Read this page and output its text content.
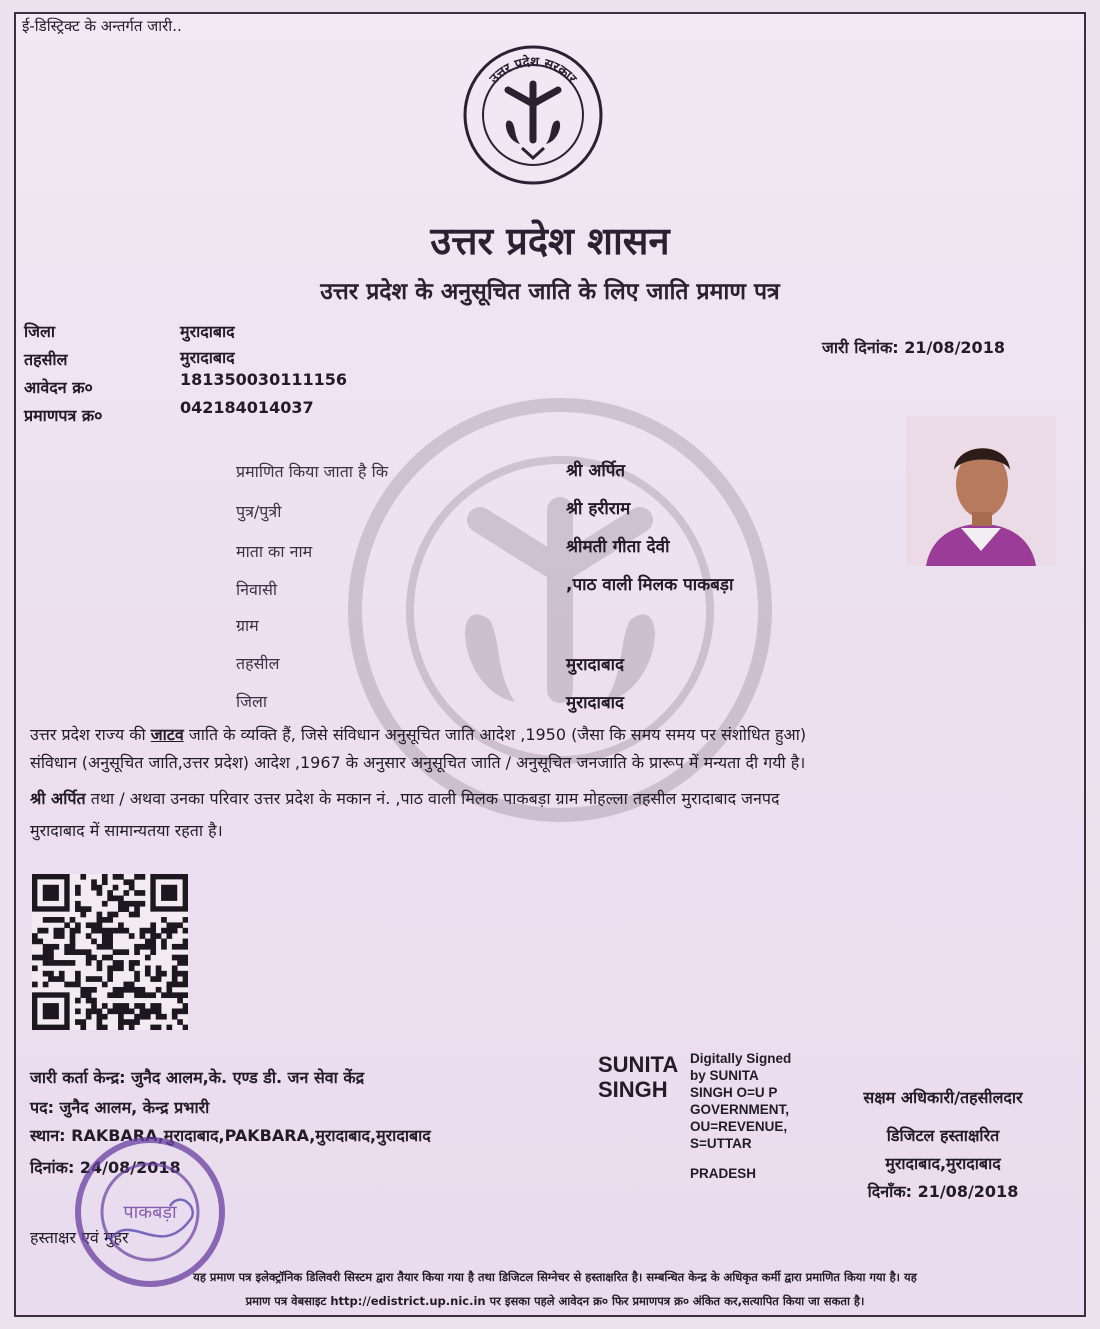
ई-डिस्ट्रिक्ट के अन्तर्गत जारी..
उत्तर प्रदेश सरकार
उत्तर प्रदेश शासन
उत्तर प्रदेश के अनुसूचित जाति के लिए जाति प्रमाण पत्र
जिला	मुरादाबाद
तहसील	मुरादाबाद
आवेदन क्र०	181350030111156
प्रमाणपत्र क्र०	042184014037
जारी दिनांक: 21/08/2018
प्रमाणित किया जाता है कि	श्री अर्पित
पुत्र/पुत्री	श्री हरीराम
माता का नाम	श्रीमती गीता देवी
निवासी	,पाठ वाली मिलक पाकबड़ा
ग्राम
तहसील	मुरादाबाद
जिला	मुरादाबाद
उत्तर प्रदेश राज्य की जाटव जाति के व्यक्ति हैं, जिसे संविधान अनुसूचित जाति आदेश ,1950 (जैसा कि समय समय पर संशोधित हुआ)
संविधान (अनुसूचित जाति,उत्तर प्रदेश) आदेश ,1967 के अनुसार अनुसूचित जाति / अनुसूचित जनजाति के प्रारूप में मन्यता दी गयी है।
श्री अर्पित तथा / अथवा उनका परिवार उत्तर प्रदेश के मकान नं. ,पाठ वाली मिलक पाकबड़ा ग्राम मोहल्ला तहसील मुरादाबाद जनपद
मुरादाबाद में सामान्यतया रहता है।
जारी कर्ता केन्द्र: जुनैद आलम,के. एण्ड डी. जन सेवा केंद्र
पद: जुनैद आलम, केन्द्र प्रभारी
स्थान: RAKBARA,मुरादाबाद,PAKBARA,मुरादाबाद,मुरादाबाद
दिनांक: 24/08/2018
हस्ताक्षर एवं मुहर
पाकबड़ा
SUNITA
SINGH
Digitally Signed
by SUNITA
SINGH O=U P
GOVERNMENT,
OU=REVENUE,
S=UTTAR
PRADESH
सक्षम अधिकारी/तहसीलदार
डिजिटल हस्ताक्षरित
मुरादाबाद,मुरादाबाद
दिनाँक: 21/08/2018
यह प्रमाण पत्र इलेक्ट्रॉनिक डिलिवरी सिस्टम द्वारा तैयार किया गया है तथा डिजिटल सिग्नेचर से हस्ताक्षरित है। सम्बन्धित केन्द्र के अधिकृत कर्मी द्वारा प्रमाणित किया गया है। यह
प्रमाण पत्र वेबसाइट http://edistrict.up.nic.in पर इसका पहले आवेदन क्र० फिर प्रमाणपत्र क्र० अंकित कर,सत्यापित किया जा सकता है।
